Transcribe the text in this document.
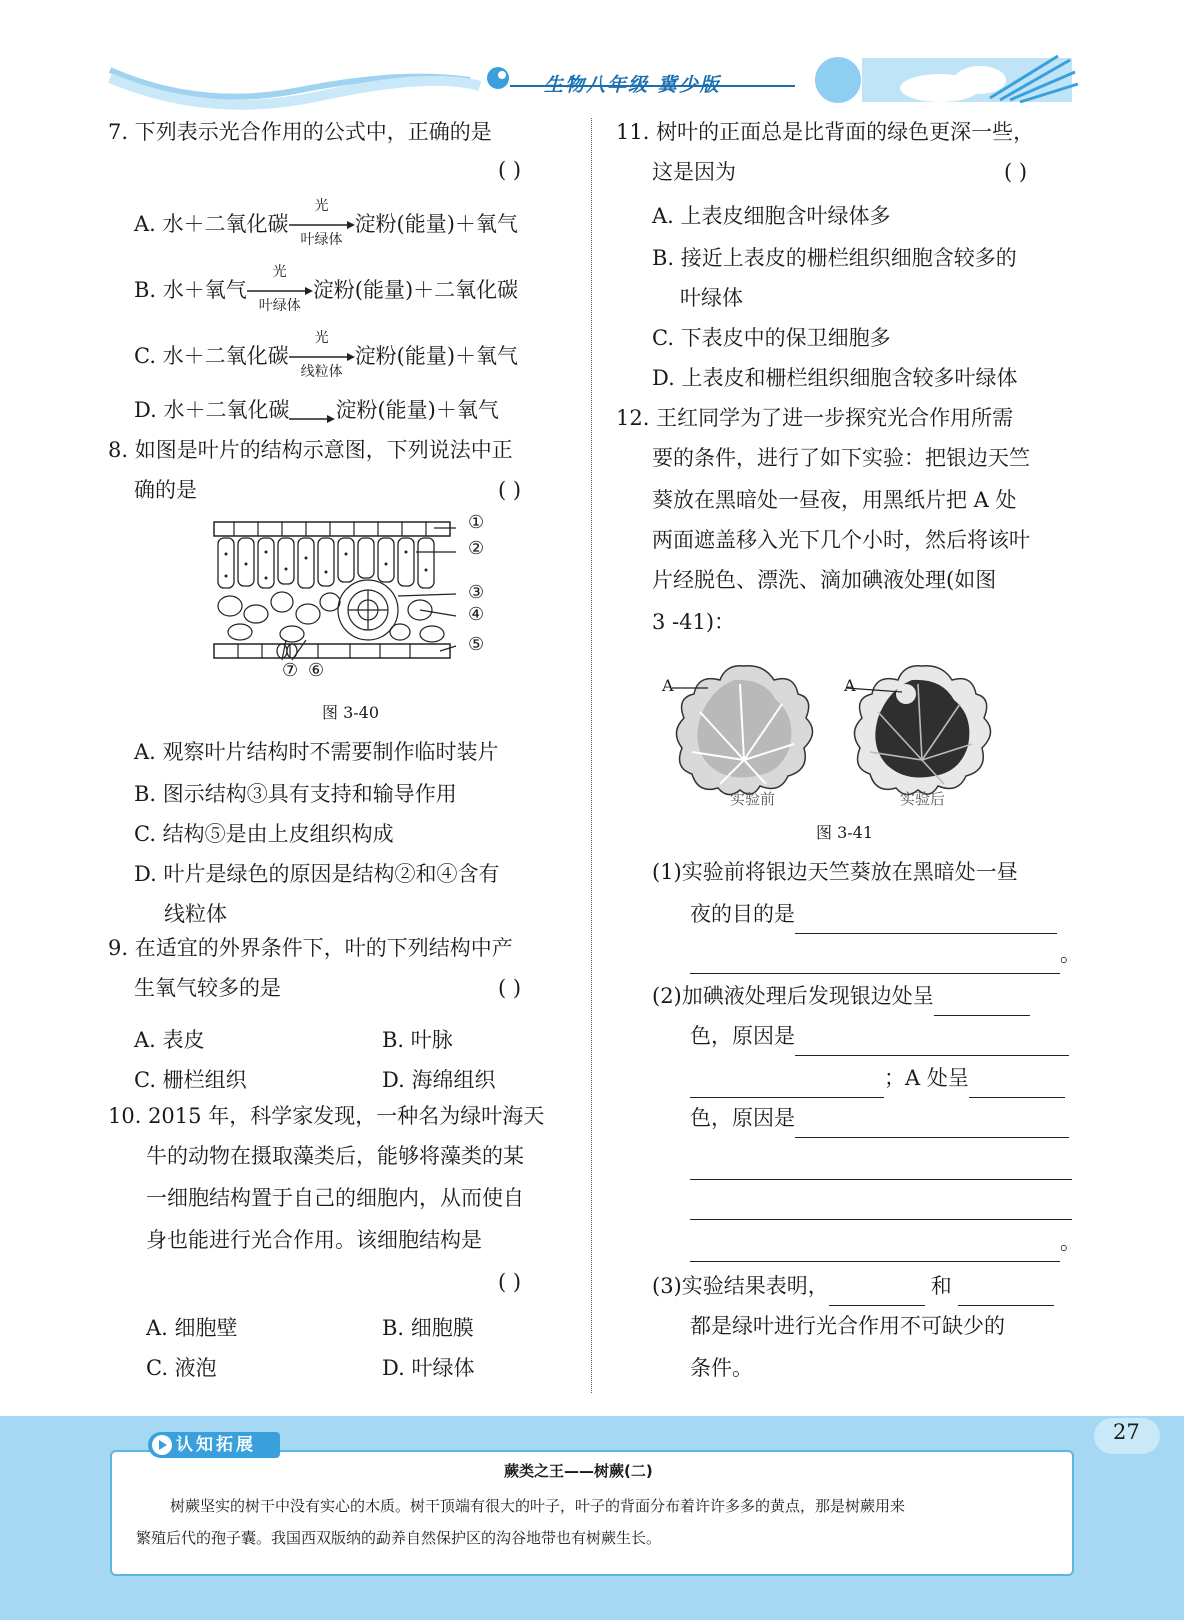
生物八年级 冀少版
7. 下列表示光合作用的公式中，正确的是
( )
A. 水＋二氧化碳
光
叶绿体
淀粉(能量)＋氧气
B. 水＋氧气
光
叶绿体
淀粉(能量)＋二氧化碳
C. 水＋二氧化碳
光
线粒体
淀粉(能量)＋氧气
D. 水＋二氧化碳 淀粉(能量)＋氧气
8. 如图是叶片的结构示意图，下列说法中正
确的是	( )
①
②
③
④
⑤
⑦ ⑥
图 3-40
A. 观察叶片结构时不需要制作临时装片
B. 图示结构③具有支持和输导作用
C. 结构⑤是由上皮组织构成
D. 叶片是绿色的原因是结构②和④含有
线粒体
9. 在适宜的外界条件下，叶的下列结构中产
生氧气较多的是	( )
A. 表皮	B. 叶脉
C. 栅栏组织	D. 海绵组织
10. 2015 年，科学家发现，一种名为绿叶海天
牛的动物在摄取藻类后，能够将藻类的某
一细胞结构置于自己的细胞内，从而使自
身也能进行光合作用。该细胞结构是
( )
A. 细胞壁	B. 细胞膜
C. 液泡	D. 叶绿体
11. 树叶的正面总是比背面的绿色更深一些，
这是因为	( )
A. 上表皮细胞含叶绿体多
B. 接近上表皮的栅栏组织细胞含较多的
叶绿体
C. 下表皮中的保卫细胞多
D. 上表皮和栅栏组织细胞含较多叶绿体
12. 王红同学为了进一步探究光合作用所需
要的条件，进行了如下实验：把银边天竺
葵放在黑暗处一昼夜，用黑纸片把 A 处
两面遮盖移入光下几个小时，然后将该叶
片经脱色、漂洗、滴加碘液处理(如图
3 -41)：
A	A
实验前	实验后
图 3-41
(1)实验前将银边天竺葵放在黑暗处一昼
夜的目的是
。
(2)加碘液处理后发现银边处呈
色，原因是
；A 处呈
色，原因是
。
(3)实验结果表明，	和
都是绿叶进行光合作用不可缺少的
条件。
27
认知拓展
蕨类之王——树蕨(二)
树蕨坚实的树干中没有实心的木质。树干顶端有很大的叶子，叶子的背面分布着许许多多的黄点，那是树蕨用来
繁殖后代的孢子囊。我国西双版纳的勐养自然保护区的沟谷地带也有树蕨生长。
